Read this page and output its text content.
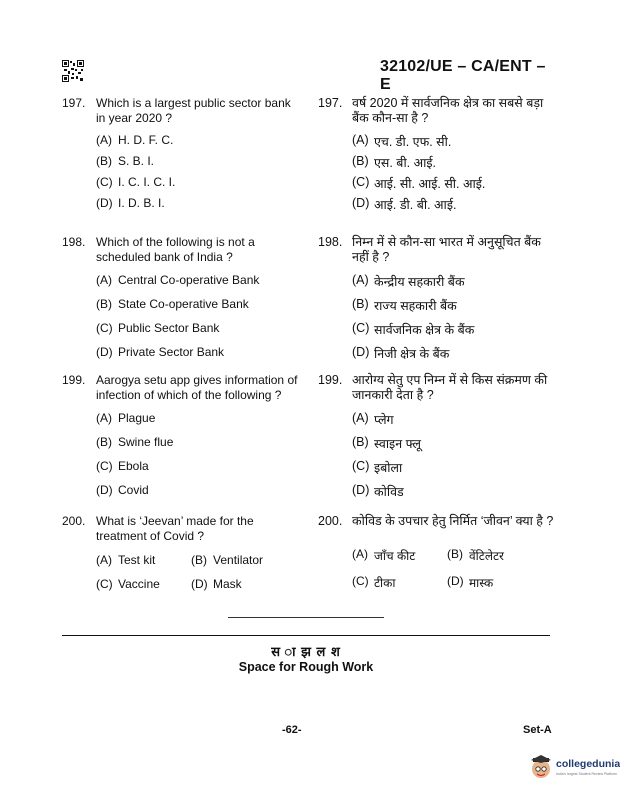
32102/UE – CA/ENT – E
197. Which is a largest public sector bank in year 2020 ?
(A) H. D. F. C.
(B) S. B. I.
(C) I. C. I. C. I.
(D) I. D. B. I.
198. Which of the following is not a scheduled bank of India ?
(A) Central Co-operative Bank
(B) State Co-operative Bank
(C) Public Sector Bank
(D) Private Sector Bank
199. Aarogya setu app gives information of infection of which of the following ?
(A) Plague
(B) Swine flue
(C) Ebola
(D) Covid
200. What is ‘Jeevan’ made for the treatment of Covid ?
(A) Test kit	(B) Ventilator
(C) Vaccine	(D) Mask
197. वर्ष 2020 में सार्वजनिक क्षेत्र का सबसे बड़ा बैंक कौन-सा है ?
(A) एच. डी. एफ. सी.
(B) एस. बी. आई.
(C) आई. सी. आई. सी. आई.
(D) आई. डी. बी. आई.
198. निम्न में से कौन-सा भारत में अनुसूचित बैंक नहीं है ?
(A) केन्द्रीय सहकारी बैंक
(B) राज्य सहकारी बैंक
(C) सार्वजनिक क्षेत्र के बैंक
(D) निजी क्षेत्र के बैंक
199. आरोग्य सेतु एप निम्न में से किस संक्रमण की जानकारी देता है ?
(A) प्लेग
(B) स्वाइन फ्लू
(C) इबोला
(D) कोविड
200. कोविड के उपचार हेतु निर्मित ‘जीवन’ क्या है ?
(A) जाँच कीट	(B) वेंटिलेटर
(C) टीका	(D) मास्क
स ा झ ल श
Space for Rough Work
-62-	Set-A
collegedunia
India's largest Student Review Platform
